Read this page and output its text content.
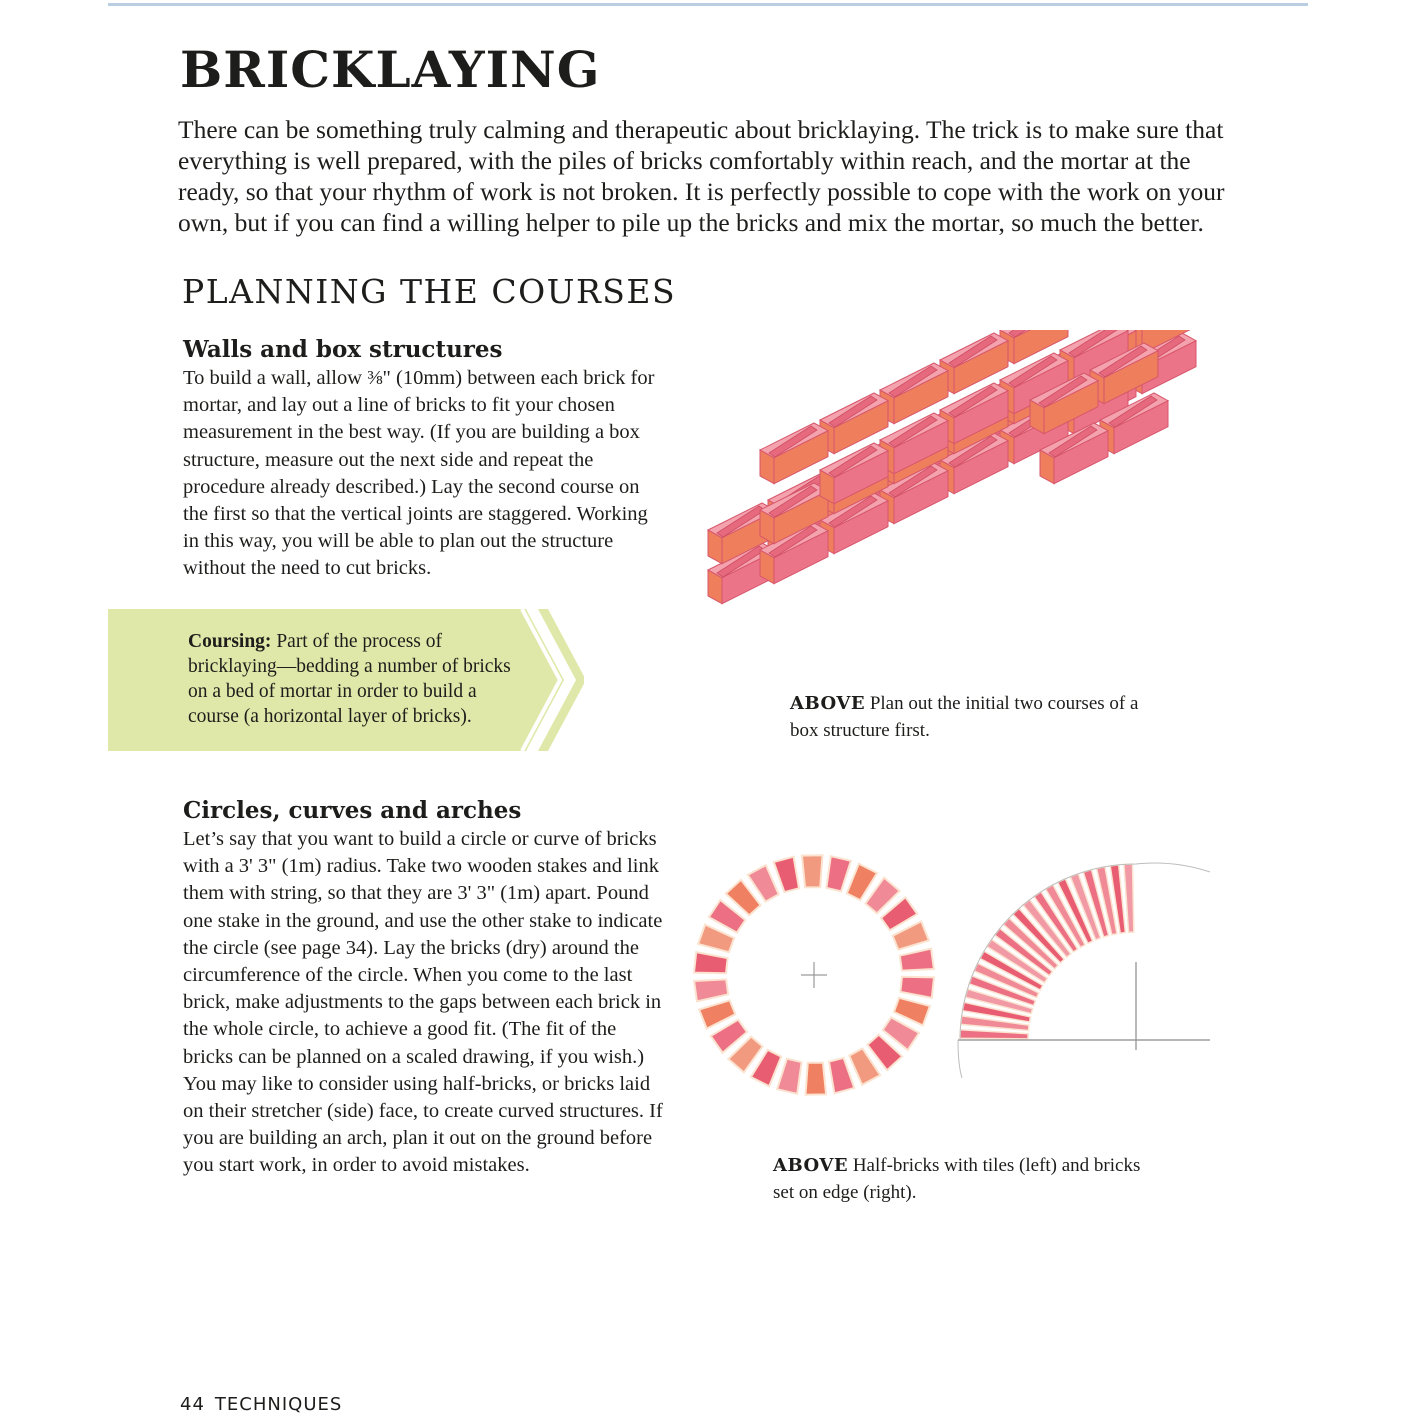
BRICKLAYING

There can be something truly calming and therapeutic about bricklaying. The trick is to make sure that everything is well prepared, with the piles of bricks comfortably within reach, and the mortar at the ready, so that your rhythm of work is not broken. It is perfectly possible to cope with the work on your own, but if you can find a willing helper to pile up the bricks and mix the mortar, so much the better.

PLANNING THE COURSES
Walls and box structures

To build a wall, allow ⅜" (10mm) between each brick for mortar, and lay out a line of bricks to fit your chosen measurement in the best way. (If you are building a box structure, measure out the next side and repeat the procedure already described.) Lay the second course on the first so that the vertical joints are staggered. Working in this way, you will be able to plan out the structure without the need to cut bricks.

Coursing: Part of the process of bricklaying—bedding a number of bricks on a bed of mortar in order to build a course (a horizontal layer of bricks).

ABOVE Plan out the initial two courses of a box structure first.

Circles, curves and arches

Let’s say that you want to build a circle or curve of bricks with a 3' 3" (1m) radius. Take two wooden stakes and link them with string, so that they are 3' 3" (1m) apart. Pound one stake in the ground, and use the other stake to indicate the circle (see page 34). Lay the bricks (dry) around the circumference of the circle. When you come to the last brick, make adjustments to the gaps between each brick in the whole circle, to achieve a good fit. (The fit of the bricks can be planned on a scaled drawing, if you wish.) You may like to consider using half-bricks, or bricks laid on their stretcher (side) face, to create curved structures. If you are building an arch, plan it out on the ground before you start work, in order to avoid mistakes.	ABOVE Half-bricks with tiles (left) and bricks set on edge (right).

44 TECHNIQUES
